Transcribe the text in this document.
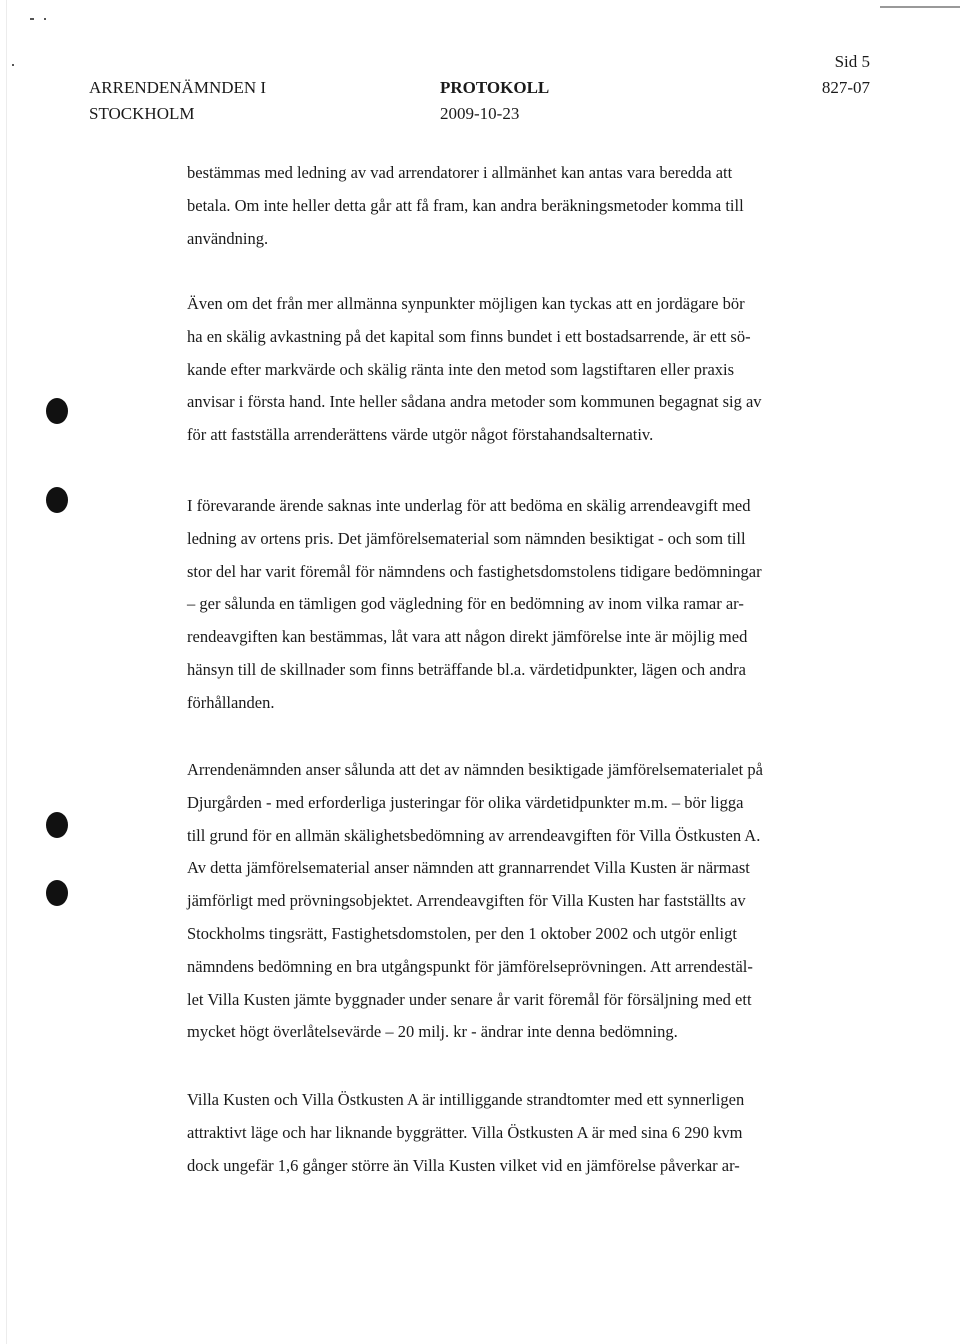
ARRENDENÄMNDEN I
STOCKHOLM
PROTOKOLL
2009-10-23
Sid 5
827-07
bestämmas med ledning av vad arrendatorer i allmänhet kan antas vara beredda att
betala. Om inte heller detta går att få fram, kan andra beräkningsmetoder komma till
användning.
Även om det från mer allmänna synpunkter möjligen kan tyckas att en jordägare bör
ha en skälig avkastning på det kapital som finns bundet i ett bostadsarrende, är ett sö-
kande efter markvärde och skälig ränta inte den metod som lagstiftaren eller praxis
anvisar i första hand. Inte heller sådana andra metoder som kommunen begagnat sig av
för att fastställa arrenderättens värde utgör något förstahandsalternativ.
I förevarande ärende saknas inte underlag för att bedöma en skälig arrendeavgift med
ledning av ortens pris. Det jämförelsematerial som nämnden besiktigat - och som till
stor del har varit föremål för nämndens och fastighetsdomstolens tidigare bedömningar
– ger sålunda en tämligen god vägledning för en bedömning av inom vilka ramar ar-
rendeavgiften kan bestämmas, låt vara att någon direkt jämförelse inte är möjlig med
hänsyn till de skillnader som finns beträffande bl.a. värdetidpunkter, lägen och andra
förhållanden.
Arrendenämnden anser sålunda att det av nämnden besiktigade jämförelsematerialet på
Djurgården - med erforderliga justeringar för olika värdetidpunkter m.m. – bör ligga
till grund för en allmän skälighetsbedömning av arrendeavgiften för Villa Östkusten A.
Av detta jämförelsematerial anser nämnden att grannarrendet Villa Kusten är närmast
jämförligt med prövningsobjektet. Arrendeavgiften för Villa Kusten har fastställts av
Stockholms tingsrätt, Fastighetsdomstolen, per den 1 oktober 2002 och utgör enligt
nämndens bedömning en bra utgångspunkt för jämförelseprövningen. Att arrendestäl-
let Villa Kusten jämte byggnader under senare år varit föremål för försäljning med ett
mycket högt överlåtelsevärde – 20 milj. kr - ändrar inte denna bedömning.
Villa Kusten och Villa Östkusten A är intilliggande strandtomter med ett synnerligen
attraktivt läge och har liknande byggrätter. Villa Östkusten A är med sina 6 290 kvm
dock ungefär 1,6 gånger större än Villa Kusten vilket vid en jämförelse påverkar ar-
